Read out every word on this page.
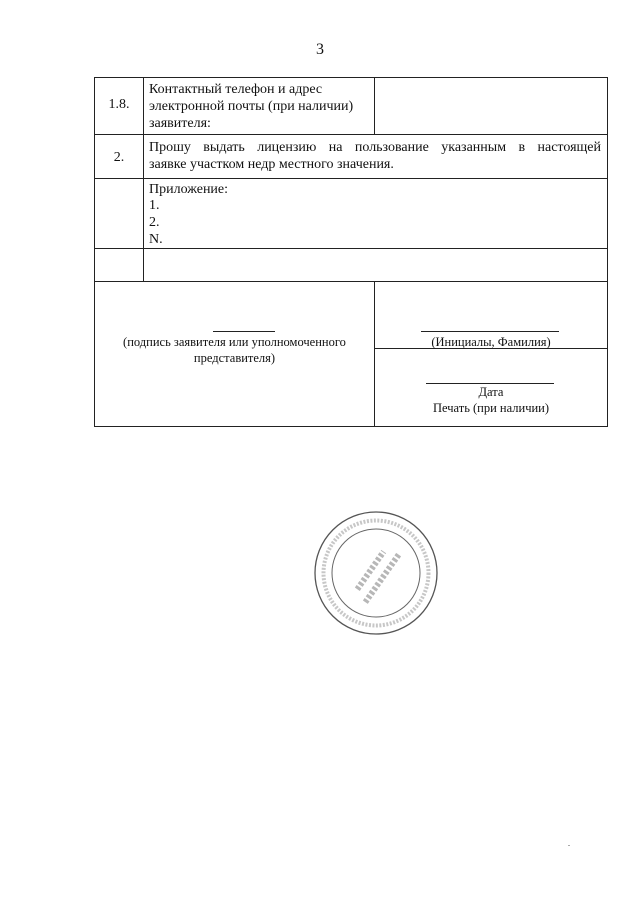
3
1.8.
Контактный телефон и адрес электронной почты (при наличии) заявителя:
2.
Прошу выдать лицензию на пользование указанным в настоящей
заявке участком недр местного значения.
Приложение:
1.
2.
N.
(подпись заявителя или уполномоченного
представителя)
(Инициалы, Фамилия)
Дата
Печать (при наличии)
